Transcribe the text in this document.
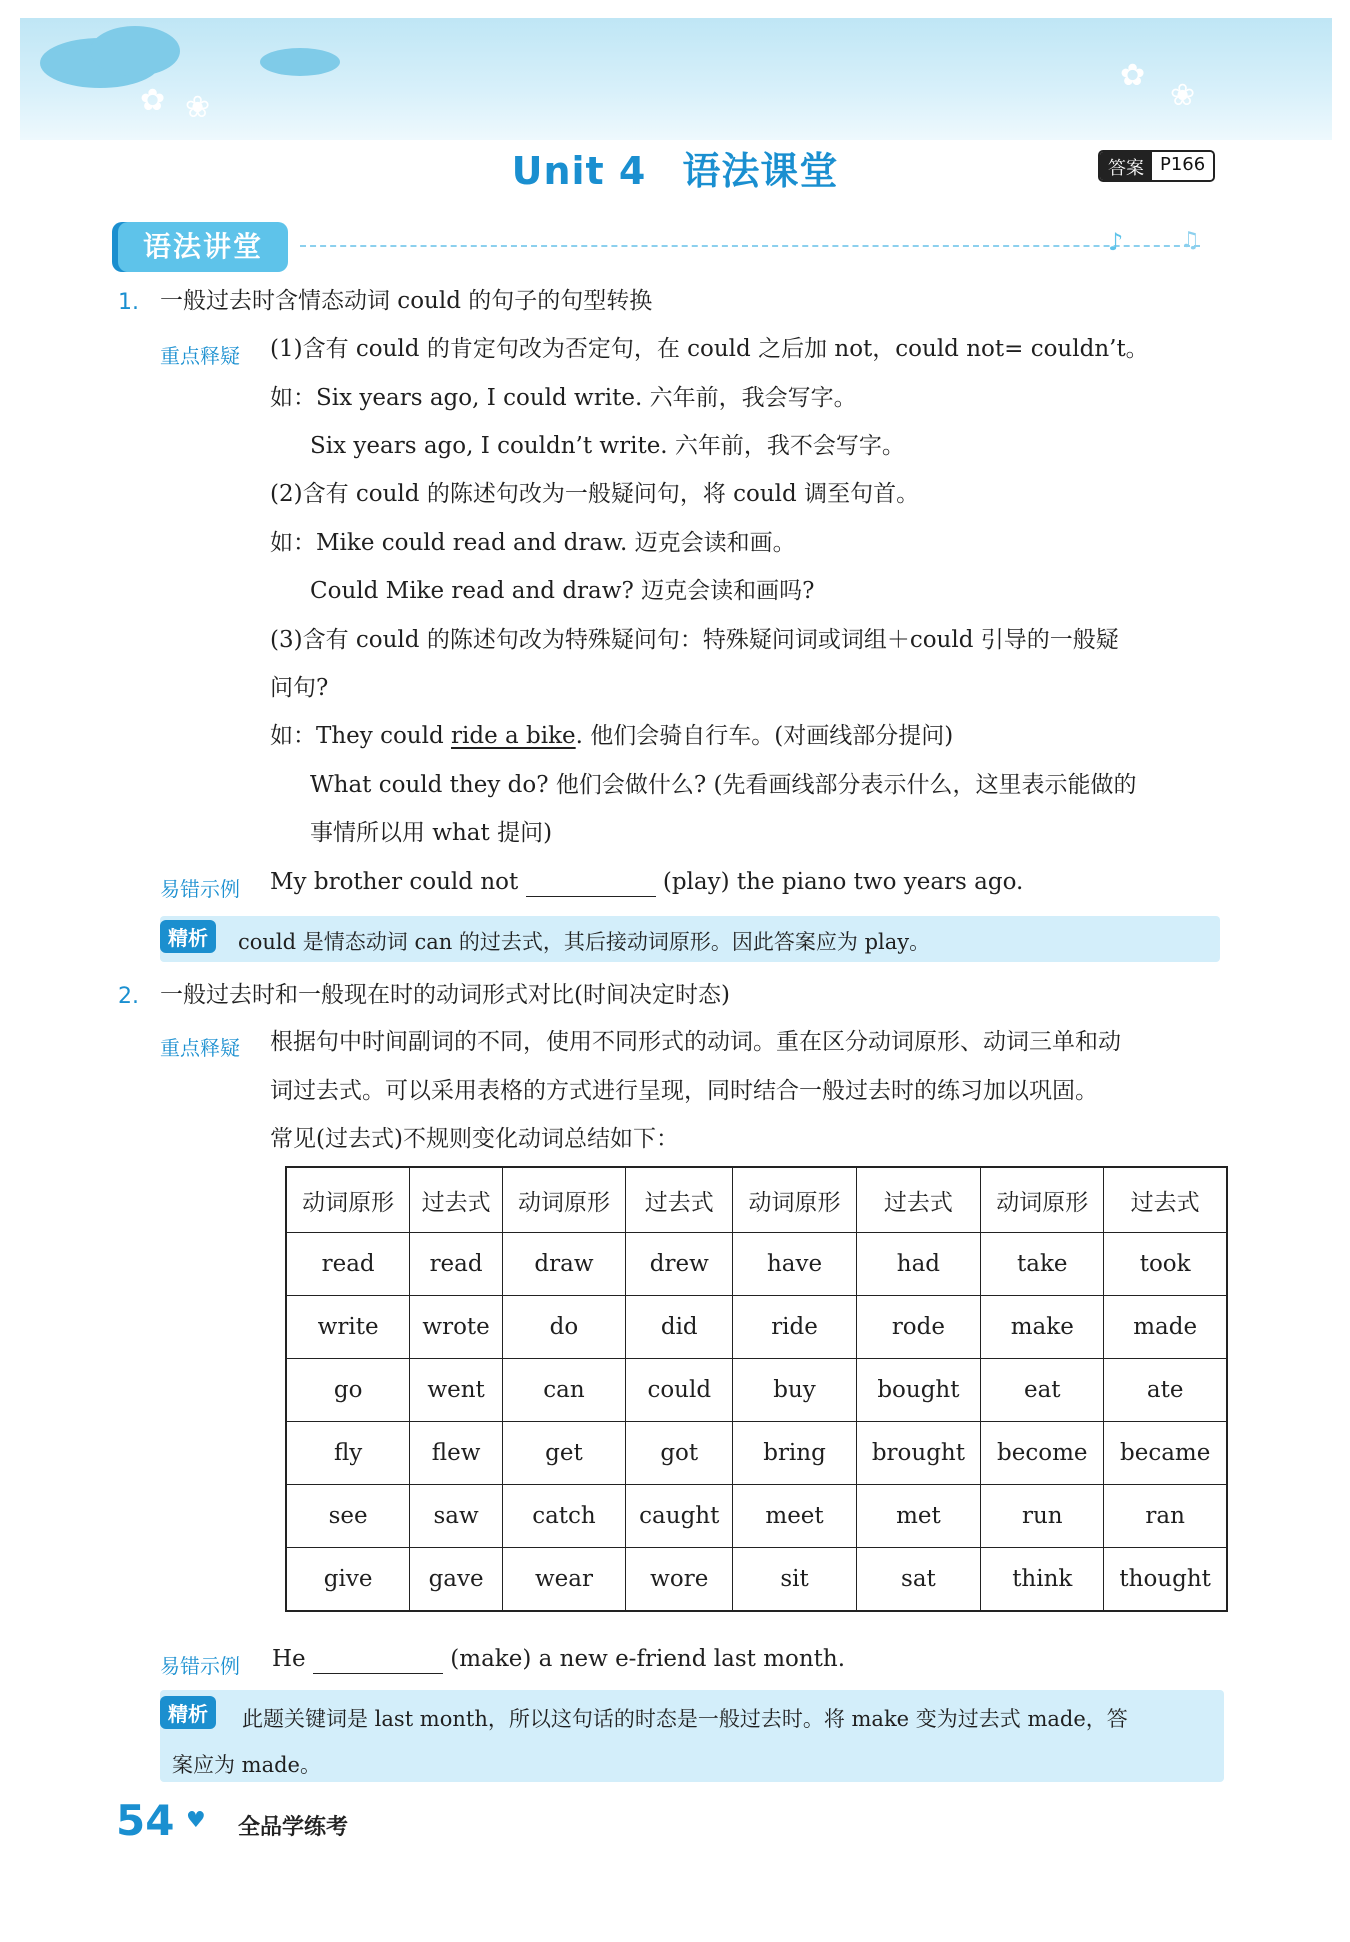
✿ ❀
✿
❀
Unit 4 语法课堂	答案 P166
语法讲堂	♪	♫
1. 一般过去时含情态动词 could 的句子的句型转换
重点释疑 (1)含有 could 的肯定句改为否定句，在 could 之后加 not，could not= couldn’t。
如：Six years ago, I could write. 六年前，我会写字。
Six years ago, I couldn’t write. 六年前，我不会写字。
(2)含有 could 的陈述句改为一般疑问句，将 could 调至句首。
如：Mike could read and draw. 迈克会读和画。
Could Mike read and draw? 迈克会读和画吗?
(3)含有 could 的陈述句改为特殊疑问句：特殊疑问词或词组＋could 引导的一般疑
问句?
如：They could ride a bike. 他们会骑自行车。(对画线部分提问)
What could they do? 他们会做什么? (先看画线部分表示什么，这里表示能做的
事情所以用 what 提问)
易错示例 My brother could not	(play) the piano two years ago.
精析	could 是情态动词 can 的过去式，其后接动词原形。因此答案应为 play。
2. 一般过去时和一般现在时的动词形式对比(时间决定时态)
重点释疑 根据句中时间副词的不同，使用不同形式的动词。重在区分动词原形、动词三单和动
词过去式。可以采用表格的方式进行呈现，同时结合一般过去时的练习加以巩固。
常见(过去式)不规则变化动词总结如下：
动词原形	过去式	动词原形	过去式	动词原形	过去式	动词原形	过去式
read	read	draw	drew	have	had	take	took
write	wrote	do	did	ride	rode	make	made
go	went	can	could	buy	bought	eat	ate
fly	flew	get	got	bring	brought	become	became
see	saw	catch	caught	meet	met	run	ran
give	gave	wear	wore	sit	sat	think	thought
易错示例 He	(make) a new e-friend last month.
精析	此题关键词是 last month，所以这句话的时态是一般过去时。将 make 变为过去式 made，答
案应为 made。
54 ♥ 全品学练考
